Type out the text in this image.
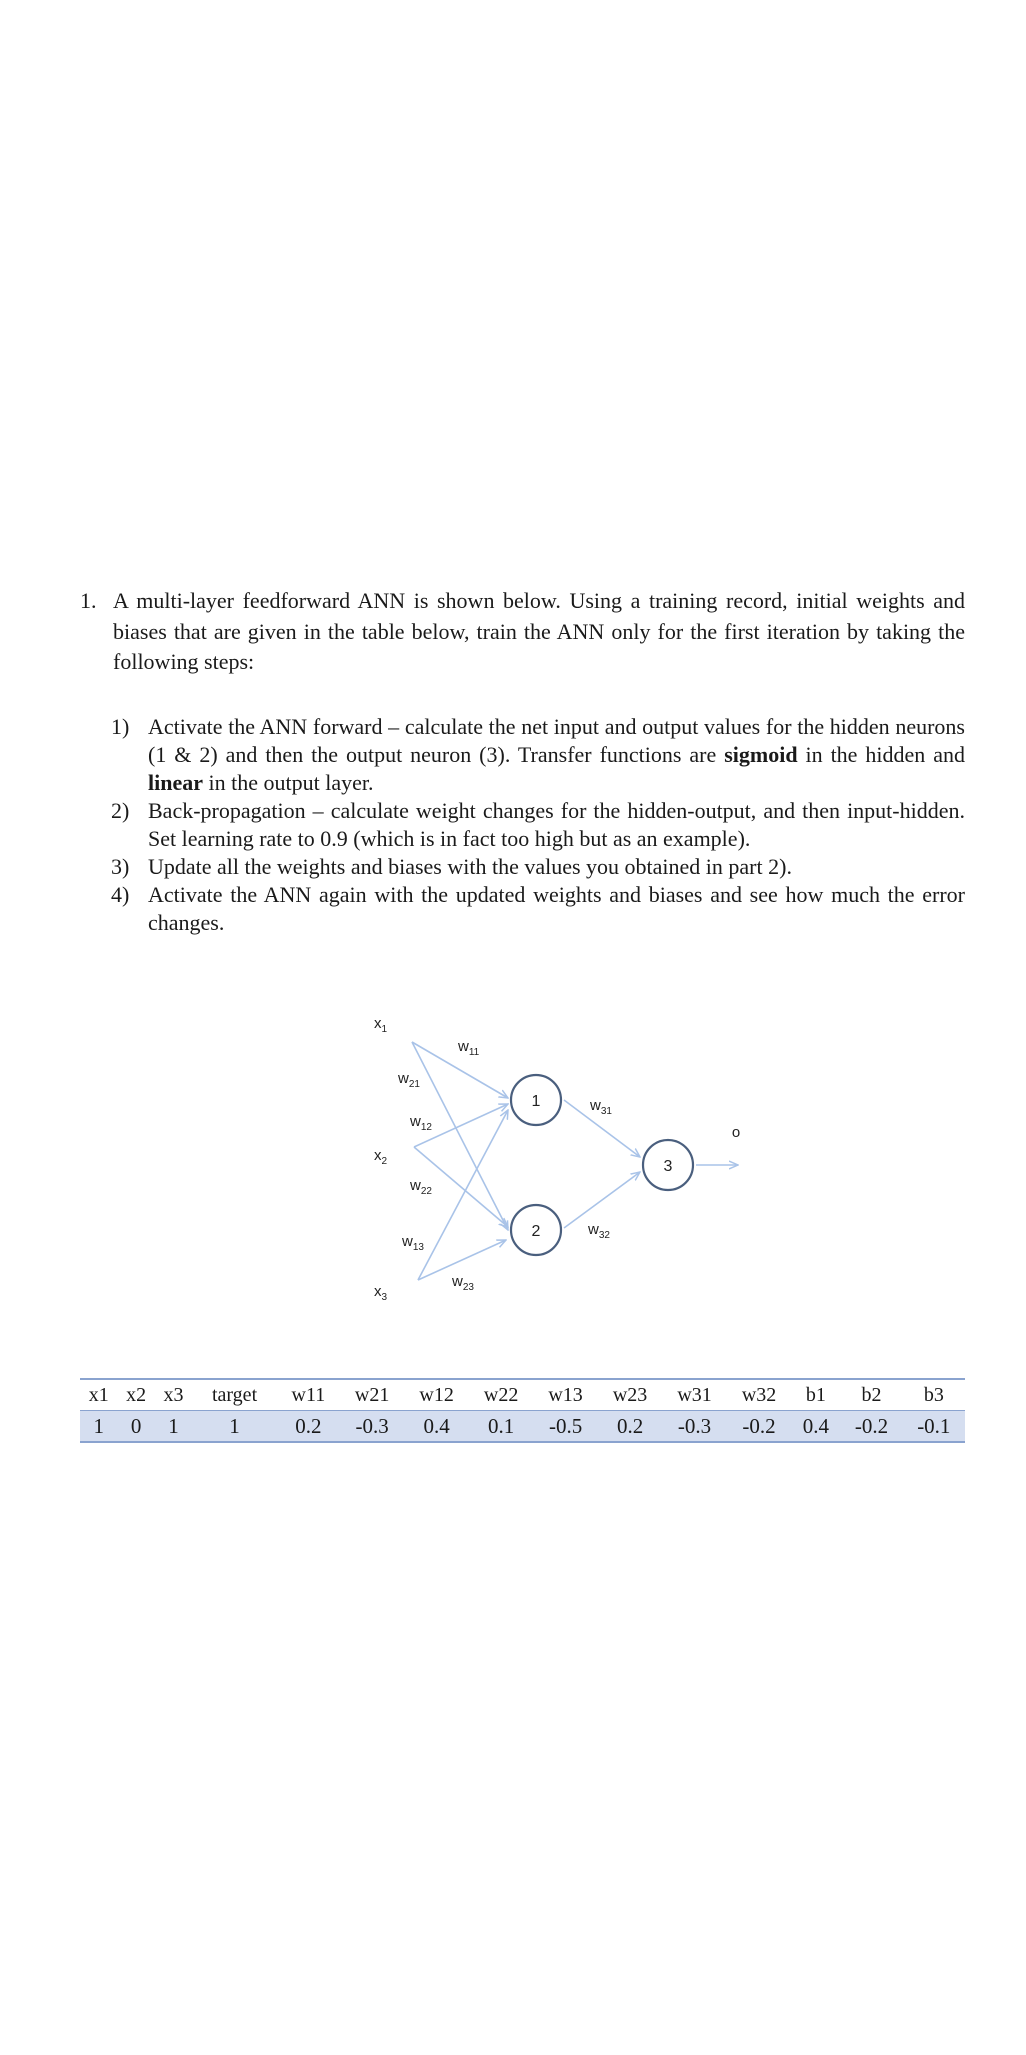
1. A multi-layer feedforward ANN is shown below. Using a training record, initial weights and biases that are given in the table below, train the ANN only for the first iteration by taking the following steps:
1) Activate the ANN forward – calculate the net input and output values for the hidden neurons (1 & 2) and then the output neuron (3). Transfer functions are sigmoid in the hidden and linear in the output layer.
2) Back-propagation – calculate weight changes for the hidden-output, and then input-hidden. Set learning rate to 0.9 (which is in fact too high but as an example).
3) Update all the weights and biases with the values you obtained in part 2).
4) Activate the ANN again with the updated weights and biases and see how much the error changes.
1
2
3
$x_1$
$x_2$
$x_3$
$w_{11}$
$w_{21}$
$w_{12}$
$w_{22}$
$w_{13}$
$w_{23}$
$w_{31}$
$w_{32}$
o
x1	x2	x3	target	w11	w21	w12	w22	w13	w23	w31	w32	b1	b2	b3
1	0	1	1	0.2	-0.3	0.4	0.1	-0.5	0.2	-0.3	-0.2	0.4	-0.2	-0.1
